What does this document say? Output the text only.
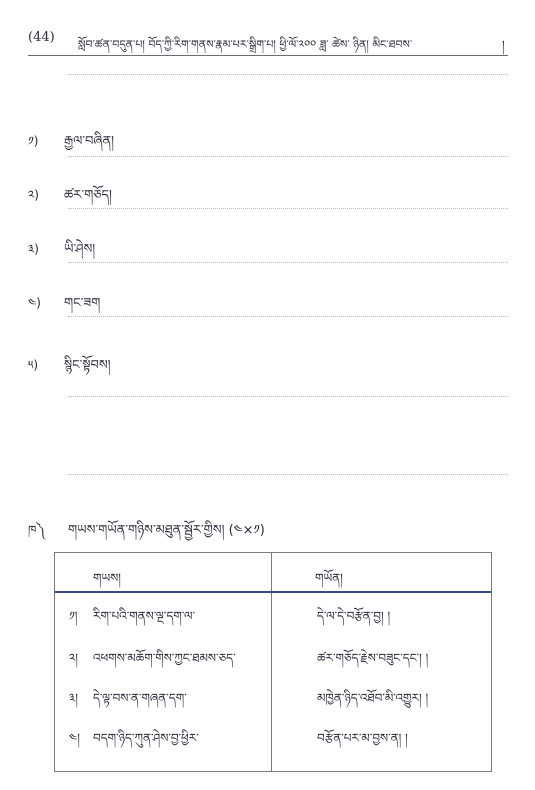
(44) སློབ་ཚན་བདུན་པ། བོད་ཀྱི་རིག་གནས་རྣམ་པར་སྒྲིག་པ། ཕྱི་ལོ་༢༠༠ ཟླ་ ཚེས་ ཉིན། མིང་ཐབས་	།
༡) རྒྱལ་བཞིན།
༢) ཚར་གཅོད།
༣) ཡི་ཤེས།
༤) གང་ཟག
༥) སྙིང་སྟོབས།
ཁ༽ གཡས་གཡོན་གཉིས་མཐུན་སྦྱོར་གྱིས། (༤×༡)
གཡས།	གཡོན།
༡། རིག་པའི་གནས་ལྔ་དག་ལ་	དེ་ལ་དེ་བརྩོན་བྱ། །
༢། འཕགས་མཆོག་གིས་ཀྱང་ཐམས་ཅད་	ཚར་གཅོད་རྗེས་བཟུང་དང་། །
༣། དེ་ལྟ་བས་ན་གཞན་དག་	མཁྱེན་ཉིད་འཐོབ་མི་འགྱུར། །
༤། བདག་ཉིད་ཀུན་ཤེས་བྱ་ཕྱིར་	བརྩོན་པར་མ་བྱས་ན། །
